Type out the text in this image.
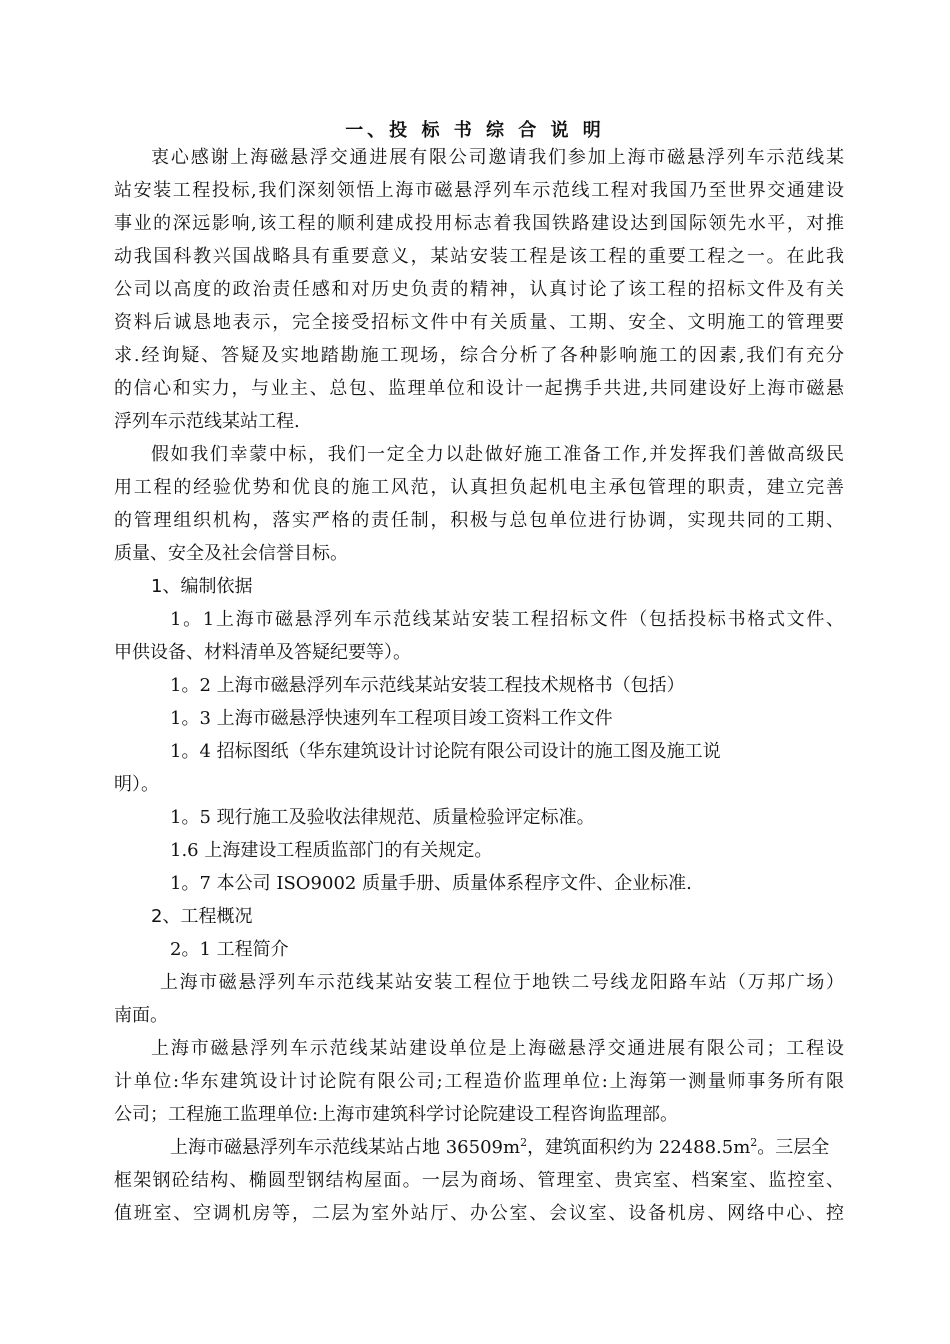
一、投 标 书 综 合 说 明
衷心感谢上海磁悬浮交通进展有限公司邀请我们参加上海市磁悬浮列车示范线某
站安装工程投标,我们深刻领悟上海市磁悬浮列车示范线工程对我国乃至世界交通建设
事业的深远影响,该工程的顺利建成投用标志着我国铁路建设达到国际领先水平，对推
动我国科教兴国战略具有重要意义，某站安装工程是该工程的重要工程之一。在此我
公司以高度的政治责任感和对历史负责的精神，认真讨论了该工程的招标文件及有关
资料后诚恳地表示，完全接受招标文件中有关质量、工期、安全、文明施工的管理要
求.经询疑、答疑及实地踏勘施工现场，综合分析了各种影响施工的因素,我们有充分
的信心和实力，与业主、总包、监理单位和设计一起携手共进,共同建设好上海市磁悬
浮列车示范线某站工程.
假如我们幸蒙中标，我们一定全力以赴做好施工准备工作,并发挥我们善做高级民
用工程的经验优势和优良的施工风范，认真担负起机电主承包管理的职责，建立完善
的管理组织机构，落实严格的责任制，积极与总包单位进行协调，实现共同的工期、
质量、安全及社会信誉目标。
1、编制依据
1。1上海市磁悬浮列车示范线某站安装工程招标文件（包括投标书格式文件、
甲供设备、材料清单及答疑纪要等）。
1。2 上海市磁悬浮列车示范线某站安装工程技术规格书（包括）
1。3 上海市磁悬浮快速列车工程项目竣工资料工作文件
1。4 招标图纸（华东建筑设计讨论院有限公司设计的施工图及施工说
明）。
1。5 现行施工及验收法律规范、质量检验评定标准。
1.6 上海建设工程质监部门的有关规定。
1。7 本公司 ISO9002 质量手册、质量体系程序文件、企业标准.
2、工程概况
2。1 工程简介
上海市磁悬浮列车示范线某站安装工程位于地铁二号线龙阳路车站（万邦广场）
南面。
上海市磁悬浮列车示范线某站建设单位是上海磁悬浮交通进展有限公司；工程设
计单位:华东建筑设计讨论院有限公司;工程造价监理单位:上海第一测量师事务所有限
公司；工程施工监理单位:上海市建筑科学讨论院建设工程咨询监理部。
上海市磁悬浮列车示范线某站占地 $36509m^2$，建筑面积约为 $22488.5m^2$。三层全
框架钢砼结构、椭圆型钢结构屋面。一层为商场、管理室、贵宾室、档案室、监控室、
值班室、空调机房等，二层为室外站厅、办公室、会议室、设备机房、网络中心、控
